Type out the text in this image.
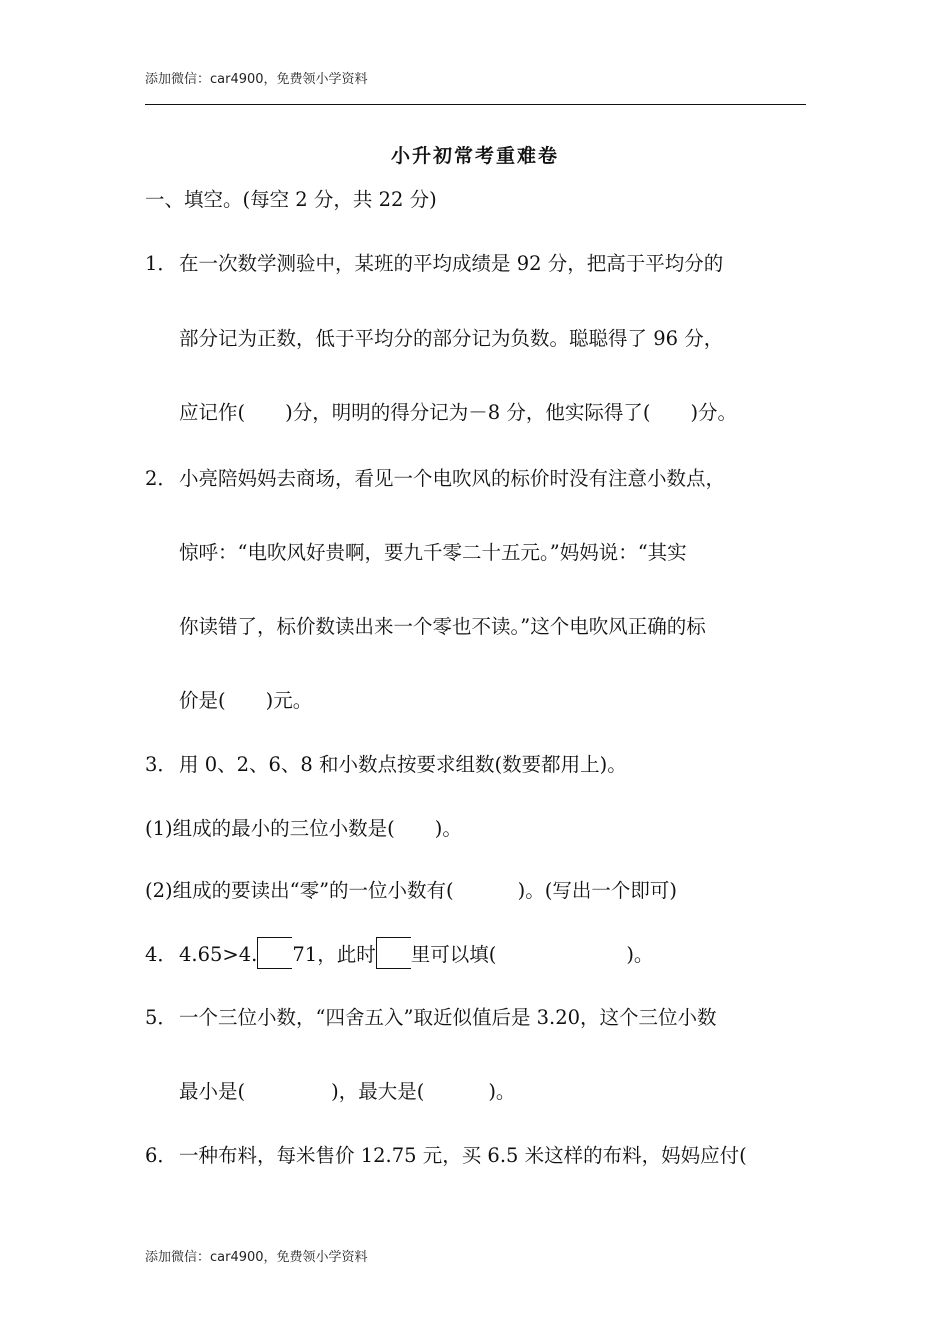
添加微信：car4900，免费领小学资料
小升初常考重难卷
一、填空。(每空 2 分，共 22 分)
1． 在一次数学测验中，某班的平均成绩是 92 分，把高于平均分的
部分记为正数，低于平均分的部分记为负数。聪聪得了 96 分，
应记作( )分，明明的得分记为－8 分，他实际得了( )分。
2． 小亮陪妈妈去商场，看见一个电吹风的标价时没有注意小数点，
惊呼：“电吹风好贵啊，要九千零二十五元。”妈妈说：“其实
你读错了，标价数读出来一个零也不读。”这个电吹风正确的标
价是( )元。
3． 用 0、2、6、8 和小数点按要求组数(数要都用上)。
(1)组成的最小的三位小数是( )。
(2)组成的要读出“零”的一位小数有(	)。(写出一个即可)
4． 4.65>4. 71，此时 里可以填(	)。
5． 一个三位小数，“四舍五入”取近似值后是 3.20，这个三位小数
最小是(	)，最大是(	)。
6． 一种布料，每米售价 12.75 元，买 6.5 米这样的布料，妈妈应付(
添加微信：car4900，免费领小学资料
